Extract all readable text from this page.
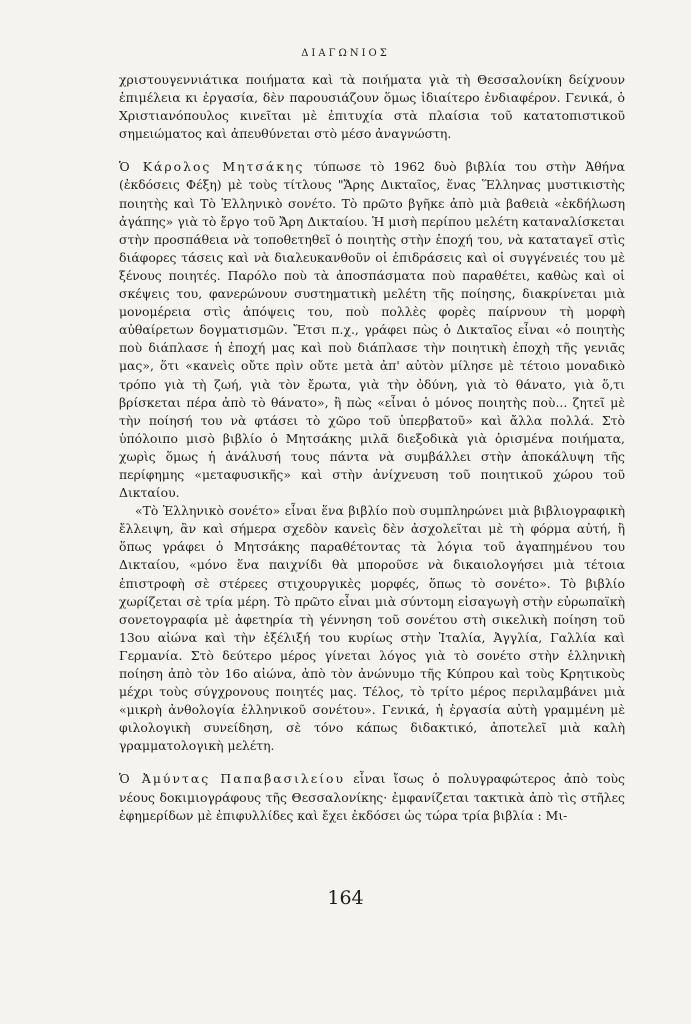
ΔΙΑΓΩΝΙΟΣ

χριστουγεννιάτικα ποιήματα καὶ τὰ ποιήματα γιὰ τὴ Θεσσαλονίκη δείχνουν ἐπιμέλεια κι ἐργασία, δὲν παρουσιάζουν ὅμως ἰδιαίτερο ἐνδιαφέρον. Γενικά, ὁ Χριστιανόπουλος κινεῖται μὲ ἐπιτυχία στὰ πλαίσια τοῦ κατατοπιστικοῦ σημειώματος καὶ ἀπευθύνεται στὸ μέσο ἀναγνώστη.

Ὁ Κάρολος Μητσάκης τύπωσε τὸ 1962 δυὸ βιβλία του στὴν Ἀθήνα (ἐκδόσεις Φέξη) μὲ τοὺς τίτλους "Ἄρης Δικταῖος, ἕνας Ἕλληνας μυστικιστὴς ποιητὴς καὶ Τὸ Ἑλληνικὸ σονέτο. Τὸ πρῶτο βγῆκε ἀπὸ μιὰ βαθειὰ «ἐκδήλωση ἀγάπης» γιὰ τὸ ἔργο τοῦ Ἄρη Δικταίου. Ἡ μισὴ περίπου μελέτη καταναλίσκεται στὴν προσπάθεια νὰ τοποθετηθεῖ ὁ ποιητὴς στὴν ἐποχή του, νὰ καταταγεῖ στὶς διάφορες τάσεις καὶ νὰ διαλευκανθοῦν οἱ ἐπιδράσεις καὶ οἱ συγγένειές του μὲ ξένους ποιητές. Παρόλο ποὺ τὰ ἀποσπάσματα ποὺ παραθέτει, καθὼς καὶ οἱ σκέψεις του, φανερώνουν συστηματικὴ μελέτη τῆς ποίησης, διακρίνεται μιὰ μονομέρεια στὶς ἀπόψεις του, ποὺ πολλὲς φορὲς παίρνουν τὴ μορφὴ αὐθαίρετων δογματισμῶν. Ἔτσι π.χ., γράφει πὼς ὁ Δικταῖος εἶναι «ὁ ποιητὴς ποὺ διάπλασε ἡ ἐποχή μας καὶ ποὺ διάπλασε τὴν ποιητικὴ ἐποχὴ τῆς γενιᾶς μας», ὅτι «κανεὶς οὔτε πρὶν οὔτε μετὰ ἀπ' αὐτὸν μίλησε μὲ τέτοιο μοναδικὸ τρόπο γιὰ τὴ ζωή, γιὰ τὸν ἔρωτα, γιὰ τὴν ὀδύνη, γιὰ τὸ θάνατο, γιὰ ὅ,τι βρίσκεται πέρα ἀπὸ τὸ θάνατο», ἢ πὼς «εἶναι ὁ μόνος ποιητὴς ποὺ... ζητεῖ μὲ τὴν ποίησή του νὰ φτάσει τὸ χῶρο τοῦ ὑπερβατοῦ» καὶ ἄλλα πολλά. Στὸ ὑπόλοιπο μισὸ βιβλίο ὁ Μητσάκης μιλᾶ διεξοδικὰ γιὰ ὁρισμένα ποιήματα, χωρὶς ὅμως ἡ ἀνάλυσή τους πάντα νὰ συμβάλλει στὴν ἀποκάλυψη τῆς περίφημης «μεταφυσικῆς» καὶ στὴν ἀνίχνευση τοῦ ποιητικοῦ χώρου τοῦ Δικταίου.

«Τὸ Ἑλληνικὸ σονέτο» εἶναι ἕνα βιβλίο ποὺ συμπληρώνει μιὰ βιβλιογραφικὴ ἔλλειψη, ἂν καὶ σήμερα σχεδὸν κανεὶς δὲν ἀσχολεῖται μὲ τὴ φόρμα αὐτή, ἢ ὅπως γράφει ὁ Μητσάκης παραθέτοντας τὰ λόγια τοῦ ἀγαπημένου του Δικταίου, «μόνο ἕνα παιχνίδι θὰ μποροῦσε νὰ δικαιολογήσει μιὰ τέτοια ἐπιστροφὴ σὲ στέρεες στιχουργικὲς μορφές, ὅπως τὸ σονέτο». Τὸ βιβλίο χωρίζεται σὲ τρία μέρη. Τὸ πρῶτο εἶναι μιὰ σύντομη εἰσαγωγὴ στὴν εὐρωπαϊκὴ σονετογραφία μὲ ἀφετηρία τὴ γέννηση τοῦ σονέτου στὴ σικελικὴ ποίηση τοῦ 13ου αἰώνα καὶ τὴν ἐξέλιξή του κυρίως στὴν Ἰταλία, Ἀγγλία, Γαλλία καὶ Γερμανία. Στὸ δεύτερο μέρος γίνεται λόγος γιὰ τὸ σονέτο στὴν ἑλληνικὴ ποίηση ἀπὸ τὸν 16ο αἰώνα, ἀπὸ τὸν ἀνώνυμο τῆς Κύπρου καὶ τοὺς Κρητικοὺς μέχρι τοὺς σύγχρονους ποιητές μας. Τέλος, τὸ τρίτο μέρος περιλαμβάνει μιὰ «μικρὴ ἀνθολογία ἑλληνικοῦ σονέτου». Γενικά, ἡ ἐργασία αὐτὴ γραμμένη μὲ φιλολογικὴ συνείδηση, σὲ τόνο κάπως διδακτικό, ἀποτελεῖ μιὰ καλὴ γραμματολογικὴ μελέτη.

Ὁ Ἀμύντας Παπαβασιλείου εἶναι ἴσως ὁ πολυγραφώτερος ἀπὸ τοὺς νέους δοκιμιογράφους τῆς Θεσσαλονίκης· ἐμφανίζεται τακτικὰ ἀπὸ τὶς στῆλες ἐφημερίδων μὲ ἐπιφυλλίδες καὶ ἔχει ἐκδόσει ὡς τώρα τρία βιβλία : Μι-

164
